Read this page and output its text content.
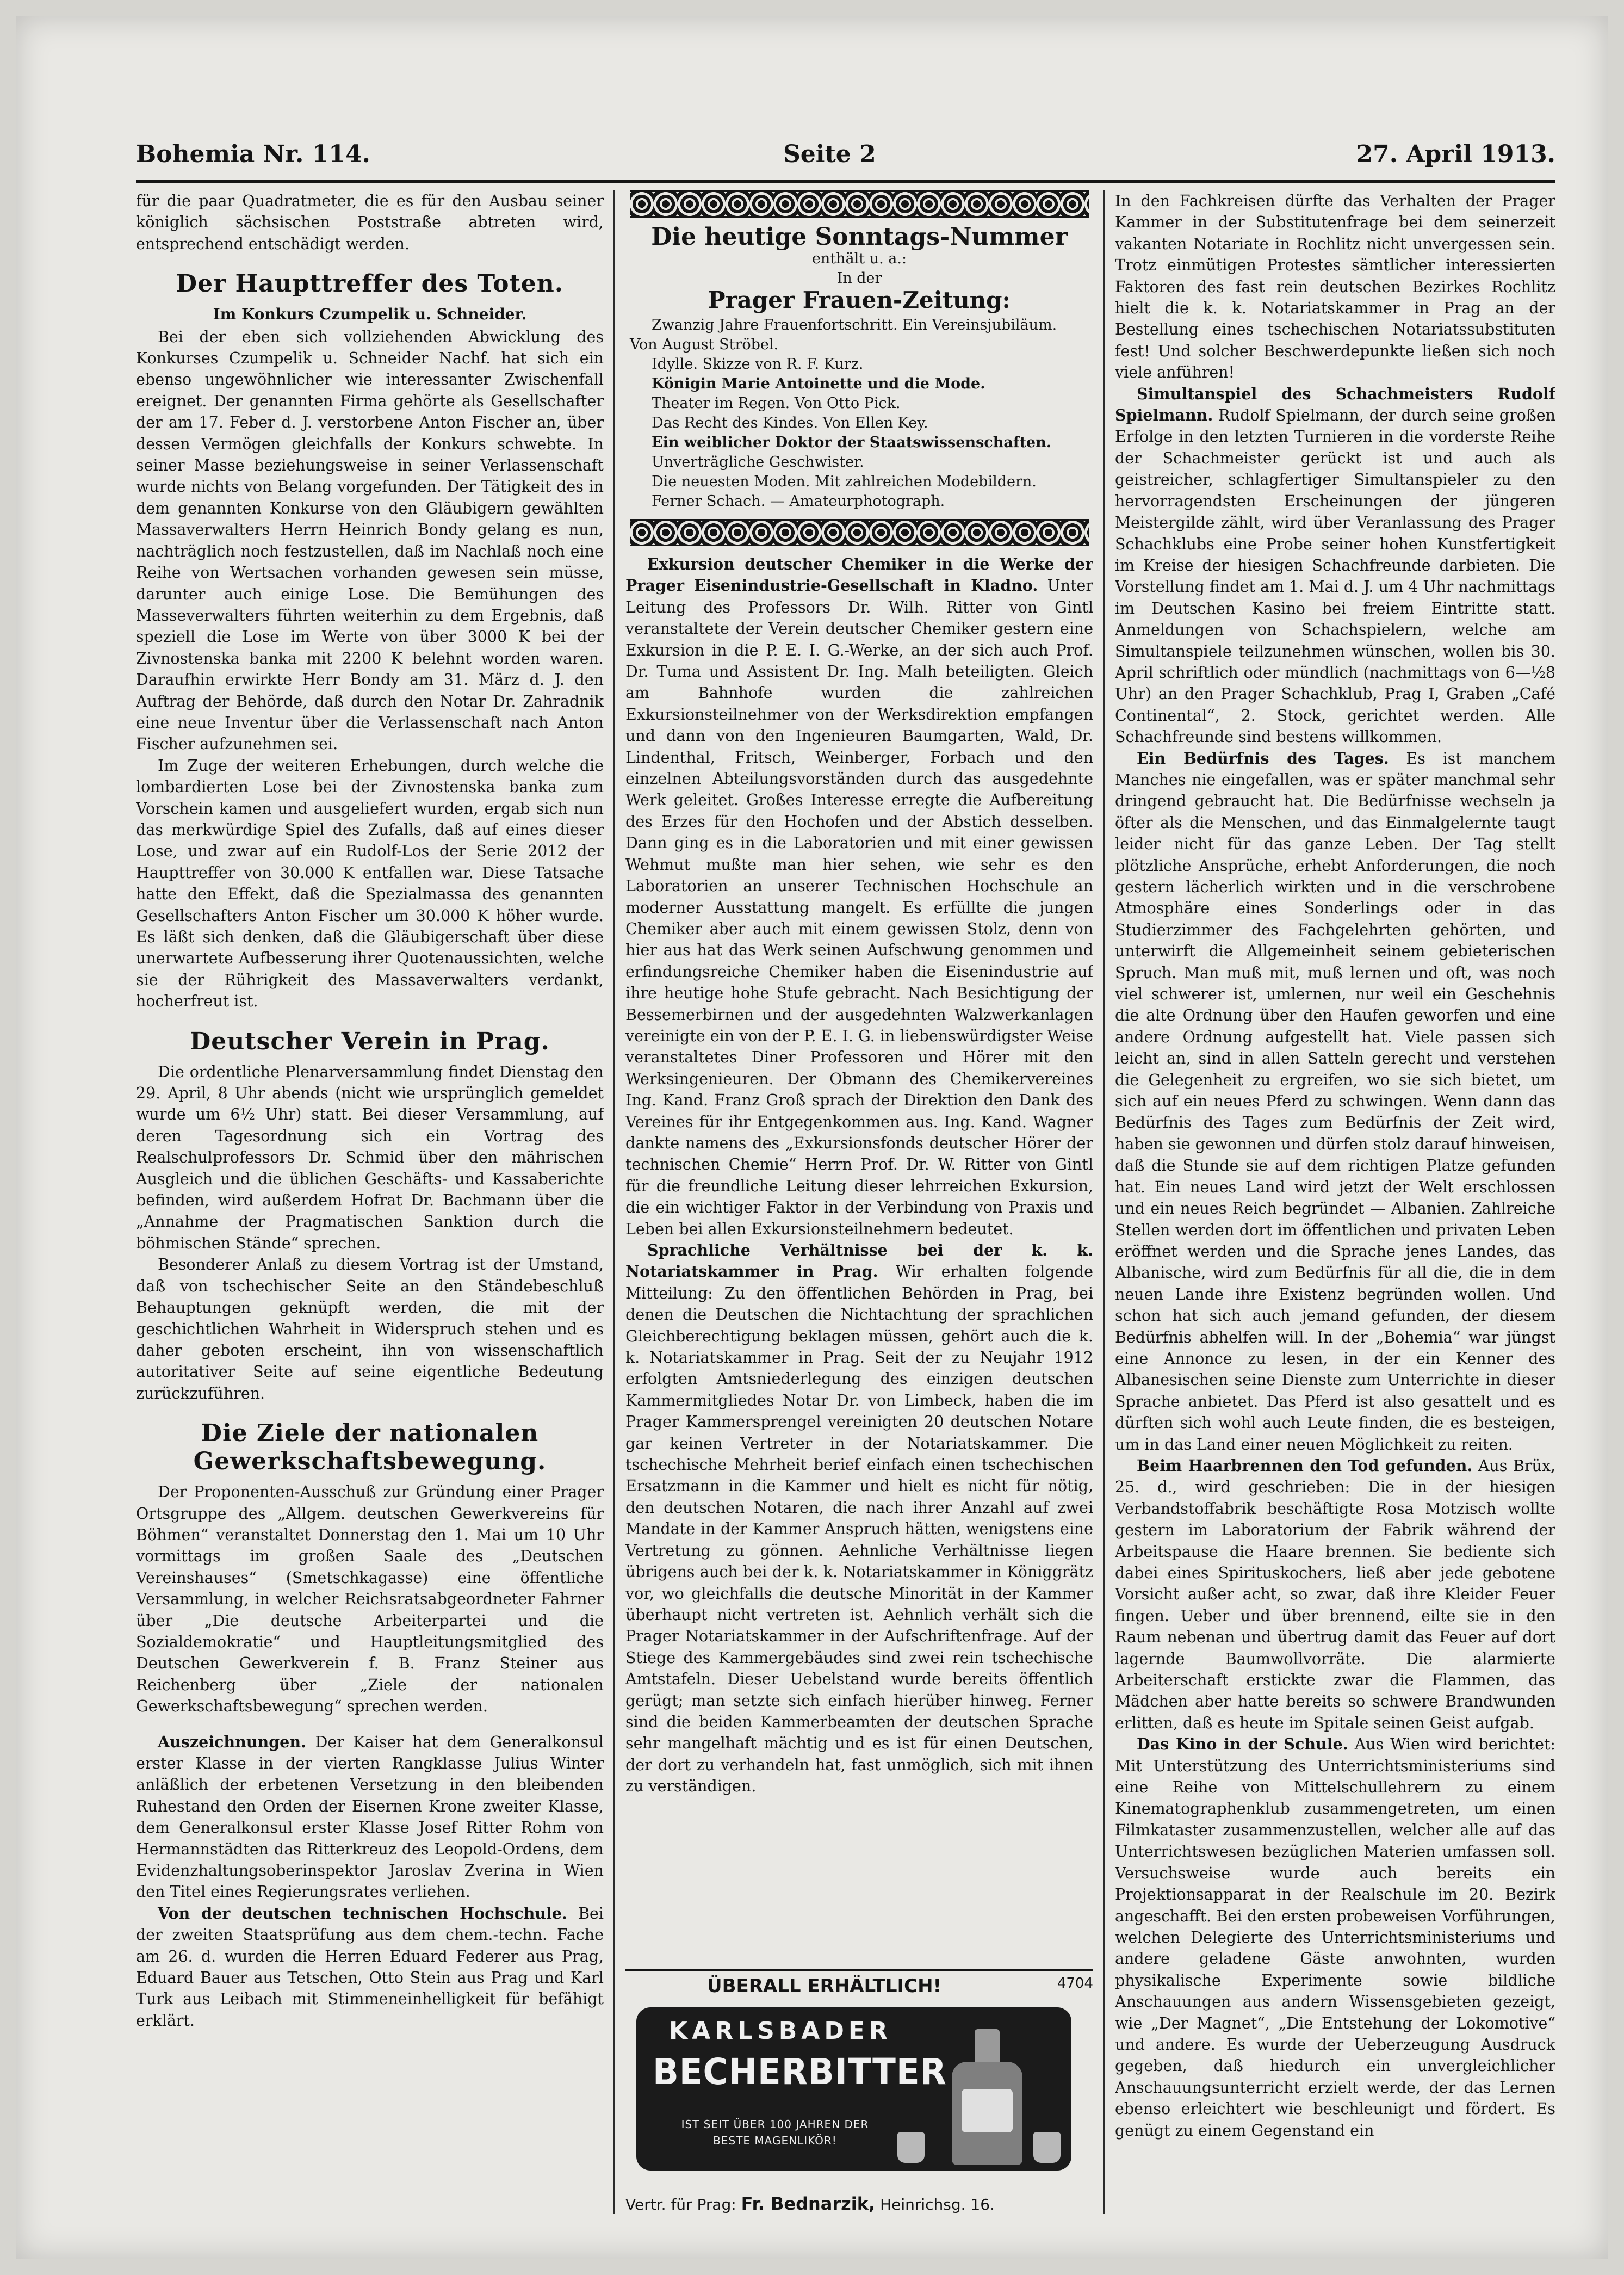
Bohemia Nr. 114.	Seite 2	27. April 1913.

für die paar Quadratmeter, die es für den Ausbau seiner königlich sächsischen Poststraße abtreten wird, entsprechend entschädigt werden.

Der Haupttreffer des Toten.
Im Konkurs Czumpelik u. Schneider.

Bei der eben sich vollziehenden Abwicklung des Konkurses Czumpelik u. Schneider Nachf. hat sich ein ebenso ungewöhnlicher wie interessanter Zwischenfall ereignet. Der genannten Firma gehörte als Gesellschafter der am 17. Feber d. J. verstorbene Anton Fischer an, über dessen Vermögen gleichfalls der Konkurs schwebte. In seiner Masse beziehungsweise in seiner Verlassenschaft wurde nichts von Belang vorgefunden. Der Tätigkeit des in dem genannten Konkurse von den Gläubigern gewählten Massaverwalters Herrn Heinrich Bondy gelang es nun, nachträglich noch festzustellen, daß im Nachlaß noch eine Reihe von Wertsachen vorhanden gewesen sein müsse, darunter auch einige Lose. Die Bemühungen des Masseverwalters führten weiterhin zu dem Ergebnis, daß speziell die Lose im Werte von über 3000 K bei der Zivnostenska banka mit 2200 K belehnt worden waren. Daraufhin erwirkte Herr Bondy am 31. März d. J. den Auftrag der Behörde, daß durch den Notar Dr. Zahradnik eine neue Inventur über die Verlassenschaft nach Anton Fischer aufzunehmen sei.

Im Zuge der weiteren Erhebungen, durch welche die lombardierten Lose bei der Zivnostenska banka zum Vorschein kamen und ausgeliefert wurden, ergab sich nun das merkwürdige Spiel des Zufalls, daß auf eines dieser Lose, und zwar auf ein Rudolf-Los der Serie 2012 der Haupttreffer von 30.000 K entfallen war. Diese Tatsache hatte den Effekt, daß die Spezialmassa des genannten Gesellschafters Anton Fischer um 30.000 K höher wurde. Es läßt sich denken, daß die Gläubigerschaft über diese unerwartete Aufbesserung ihrer Quotenaussichten, welche sie der Rührigkeit des Massaverwalters verdankt, hocherfreut ist.

Deutscher Verein in Prag.

Die ordentliche Plenarversammlung findet Dienstag den 29. April, 8 Uhr abends (nicht wie ursprünglich gemeldet wurde um 6½ Uhr) statt. Bei dieser Versammlung, auf deren Tagesordnung sich ein Vortrag des Realschulprofessors Dr. Schmid über den mährischen Ausgleich und die üblichen Geschäfts- und Kassaberichte befinden, wird außerdem Hofrat Dr. Bachmann über die „Annahme der Pragmatischen Sanktion durch die böhmischen Stände“ sprechen.

Besonderer Anlaß zu diesem Vortrag ist der Umstand, daß von tschechischer Seite an den Ständebeschluß Behauptungen geknüpft werden, die mit der geschichtlichen Wahrheit in Widerspruch stehen und es daher geboten erscheint, ihn von wissenschaftlich autoritativer Seite auf seine eigentliche Bedeutung zurückzuführen.

Die Ziele der nationalen Gewerkschaftsbewegung.

Der Proponenten-Ausschuß zur Gründung einer Prager Ortsgruppe des „Allgem. deutschen Gewerkvereins für Böhmen“ veranstaltet Donnerstag den 1. Mai um 10 Uhr vormittags im großen Saale des „Deutschen Vereinshauses“ (Smetschkagasse) eine öffentliche Versammlung, in welcher Reichsratsabgeordneter Fahrner über „Die deutsche Arbeiterpartei und die Sozialdemokratie“ und Hauptleitungsmitglied des Deutschen Gewerkverein f. B. Franz Steiner aus Reichenberg über „Ziele der nationalen Gewerkschaftsbewegung“ sprechen werden.

Auszeichnungen. Der Kaiser hat dem Generalkonsul erster Klasse in der vierten Rangklasse Julius Winter anläßlich der erbetenen Versetzung in den bleibenden Ruhestand den Orden der Eisernen Krone zweiter Klasse, dem Generalkonsul erster Klasse Josef Ritter Rohm von Hermannstädten das Ritterkreuz des Leopold-Ordens, dem Evidenzhaltungsoberinspektor Jaroslav Zverina in Wien den Titel eines Regierungsrates verliehen.

Von der deutschen technischen Hochschule. Bei der zweiten Staatsprüfung aus dem chem.-techn. Fache am 26. d. wurden die Herren Eduard Federer aus Prag, Eduard Bauer aus Tetschen, Otto Stein aus Prag und Karl Turk aus Leibach mit Stimmeneinhelligkeit für befähigt erklärt.

Die heutige Sonntags-Nummer
enthält u. a.:
In der
Prager Frauen-Zeitung:

Zwanzig Jahre Frauenfortschritt. Ein Vereinsjubiläum. Von August Ströbel.

Idylle. Skizze von R. F. Kurz.

Königin Marie Antoinette und die Mode.

Theater im Regen. Von Otto Pick.

Das Recht des Kindes. Von Ellen Key.

Ein weiblicher Doktor der Staatswissenschaften.

Unverträgliche Geschwister.

Die neuesten Moden. Mit zahlreichen Modebildern.

Ferner Schach. — Amateurphotograph.

Exkursion deutscher Chemiker in die Werke der Prager Eisenindustrie-Gesellschaft in Kladno. Unter Leitung des Professors Dr. Wilh. Ritter von Gintl veranstaltete der Verein deutscher Chemiker gestern eine Exkursion in die P. E. I. G.-Werke, an der sich auch Prof. Dr. Tuma und Assistent Dr. Ing. Malh beteiligten. Gleich am Bahnhofe wurden die zahlreichen Exkursionsteilnehmer von der Werksdirektion empfangen und dann von den Ingenieuren Baumgarten, Wald, Dr. Lindenthal, Fritsch, Weinberger, Forbach und den einzelnen Abteilungsvorständen durch das ausgedehnte Werk geleitet. Großes Interesse erregte die Aufbereitung des Erzes für den Hochofen und der Abstich desselben. Dann ging es in die Laboratorien und mit einer gewissen Wehmut mußte man hier sehen, wie sehr es den Laboratorien an unserer Technischen Hochschule an moderner Ausstattung mangelt. Es erfüllte die jungen Chemiker aber auch mit einem gewissen Stolz, denn von hier aus hat das Werk seinen Aufschwung genommen und erfindungsreiche Chemiker haben die Eisenindustrie auf ihre heutige hohe Stufe gebracht. Nach Besichtigung der Bessemerbirnen und der ausgedehnten Walzwerkanlagen vereinigte ein von der P. E. I. G. in liebenswürdigster Weise veranstaltetes Diner Professoren und Hörer mit den Werksingenieuren. Der Obmann des Chemikervereines Ing. Kand. Franz Groß sprach der Direktion den Dank des Vereines für ihr Entgegenkommen aus. Ing. Kand. Wagner dankte namens des „Exkursionsfonds deutscher Hörer der technischen Chemie“ Herrn Prof. Dr. W. Ritter von Gintl für die freundliche Leitung dieser lehrreichen Exkursion, die ein wichtiger Faktor in der Verbindung von Praxis und Leben bei allen Exkursionsteilnehmern bedeutet.

Sprachliche Verhältnisse bei der k. k. Notariatskammer in Prag. Wir erhalten folgende Mitteilung: Zu den öffentlichen Behörden in Prag, bei denen die Deutschen die Nichtachtung der sprachlichen Gleichberechtigung beklagen müssen, gehört auch die k. k. Notariatskammer in Prag. Seit der zu Neujahr 1912 erfolgten Amtsniederlegung des einzigen deutschen Kammermitgliedes Notar Dr. von Limbeck, haben die im Prager Kammersprengel vereinigten 20 deutschen Notare gar keinen Vertreter in der Notariatskammer. Die tschechische Mehrheit berief einfach einen tschechischen Ersatzmann in die Kammer und hielt es nicht für nötig, den deutschen Notaren, die nach ihrer Anzahl auf zwei Mandate in der Kammer Anspruch hätten, wenigstens eine Vertretung zu gönnen. Aehnliche Verhältnisse liegen übrigens auch bei der k. k. Notariatskammer in Königgrätz vor, wo gleichfalls die deutsche Minorität in der Kammer überhaupt nicht vertreten ist. Aehnlich verhält sich die Prager Notariatskammer in der Aufschriftenfrage. Auf der Stiege des Kammergebäudes sind zwei rein tschechische Amtstafeln. Dieser Uebelstand wurde bereits öffentlich gerügt; man setzte sich einfach hierüber hinweg. Ferner sind die beiden Kammerbeamten der deutschen Sprache sehr mangelhaft mächtig und es ist für einen Deutschen, der dort zu verhandeln hat, fast unmöglich, sich mit ihnen zu verständigen.

ÜBERALL ERHÄLTLICH!	4704
KARLSBADER
BECHERBITTER
IST SEIT ÜBER 100 JAHREN DER BESTE MAGENLIKÖR!
Vertr. für Prag: Fr. Bednarzik, Heinrichsg. 16.

In den Fachkreisen dürfte das Verhalten der Prager Kammer in der Substitutenfrage bei dem seinerzeit vakanten Notariate in Rochlitz nicht unvergessen sein. Trotz einmütigen Protestes sämtlicher interessierten Faktoren des fast rein deutschen Bezirkes Rochlitz hielt die k. k. Notariatskammer in Prag an der Bestellung eines tschechischen Notariatssubstituten fest! Und solcher Beschwerdepunkte ließen sich noch viele anführen!

Simultanspiel des Schachmeisters Rudolf Spielmann. Rudolf Spielmann, der durch seine großen Erfolge in den letzten Turnieren in die vorderste Reihe der Schachmeister gerückt ist und auch als geistreicher, schlagfertiger Simultanspieler zu den hervorragendsten Erscheinungen der jüngeren Meistergilde zählt, wird über Veranlassung des Prager Schachklubs eine Probe seiner hohen Kunstfertigkeit im Kreise der hiesigen Schachfreunde darbieten. Die Vorstellung findet am 1. Mai d. J. um 4 Uhr nachmittags im Deutschen Kasino bei freiem Eintritte statt. Anmeldungen von Schachspielern, welche am Simultanspiele teilzunehmen wünschen, wollen bis 30. April schriftlich oder mündlich (nachmittags von 6—½8 Uhr) an den Prager Schachklub, Prag I, Graben „Café Continental“, 2. Stock, gerichtet werden. Alle Schachfreunde sind bestens willkommen.

Ein Bedürfnis des Tages. Es ist manchem Manches nie eingefallen, was er später manchmal sehr dringend gebraucht hat. Die Bedürfnisse wechseln ja öfter als die Menschen, und das Einmalgelernte taugt leider nicht für das ganze Leben. Der Tag stellt plötzliche Ansprüche, erhebt Anforderungen, die noch gestern lächerlich wirkten und in die verschrobene Atmosphäre eines Sonderlings oder in das Studierzimmer des Fachgelehrten gehörten, und unterwirft die Allgemeinheit seinem gebieterischen Spruch. Man muß mit, muß lernen und oft, was noch viel schwerer ist, umlernen, nur weil ein Geschehnis die alte Ordnung über den Haufen geworfen und eine andere Ordnung aufgestellt hat. Viele passen sich leicht an, sind in allen Satteln gerecht und verstehen die Gelegenheit zu ergreifen, wo sie sich bietet, um sich auf ein neues Pferd zu schwingen. Wenn dann das Bedürfnis des Tages zum Bedürfnis der Zeit wird, haben sie gewonnen und dürfen stolz darauf hinweisen, daß die Stunde sie auf dem richtigen Platze gefunden hat. Ein neues Land wird jetzt der Welt erschlossen und ein neues Reich begründet — Albanien. Zahlreiche Stellen werden dort im öffentlichen und privaten Leben eröffnet werden und die Sprache jenes Landes, das Albanische, wird zum Bedürfnis für all die, die in dem neuen Lande ihre Existenz begründen wollen. Und schon hat sich auch jemand gefunden, der diesem Bedürfnis abhelfen will. In der „Bohemia“ war jüngst eine Annonce zu lesen, in der ein Kenner des Albanesischen seine Dienste zum Unterrichte in dieser Sprache anbietet. Das Pferd ist also gesattelt und es dürften sich wohl auch Leute finden, die es besteigen, um in das Land einer neuen Möglichkeit zu reiten.

Beim Haarbrennen den Tod gefunden. Aus Brüx, 25. d., wird geschrieben: Die in der hiesigen Verbandstoffabrik beschäftigte Rosa Motzisch wollte gestern im Laboratorium der Fabrik während der Arbeitspause die Haare brennen. Sie bediente sich dabei eines Spirituskochers, ließ aber jede gebotene Vorsicht außer acht, so zwar, daß ihre Kleider Feuer fingen. Ueber und über brennend, eilte sie in den Raum nebenan und übertrug damit das Feuer auf dort lagernde Baumwollvorräte. Die alarmierte Arbeiterschaft erstickte zwar die Flammen, das Mädchen aber hatte bereits so schwere Brandwunden erlitten, daß es heute im Spitale seinen Geist aufgab.

Das Kino in der Schule. Aus Wien wird berichtet: Mit Unterstützung des Unterrichtsministeriums sind eine Reihe von Mittelschullehrern zu einem Kinematographenklub zusammengetreten, um einen Filmkataster zusammenzustellen, welcher alle auf das Unterrichtswesen bezüglichen Materien umfassen soll. Versuchsweise wurde auch bereits ein Projektionsapparat in der Realschule im 20. Bezirk angeschafft. Bei den ersten probeweisen Vorführungen, welchen Delegierte des Unterrichtsministeriums und andere geladene Gäste anwohnten, wurden physikalische Experimente sowie bildliche Anschauungen aus andern Wissensgebieten gezeigt, wie „Der Magnet“, „Die Entstehung der Lokomotive“ und andere. Es wurde der Ueberzeugung Ausdruck gegeben, daß hiedurch ein unvergleichlicher Anschauungsunterricht erzielt werde, der das Lernen ebenso erleichtert wie beschleunigt und fördert. Es genügt zu einem Gegenstand ein
